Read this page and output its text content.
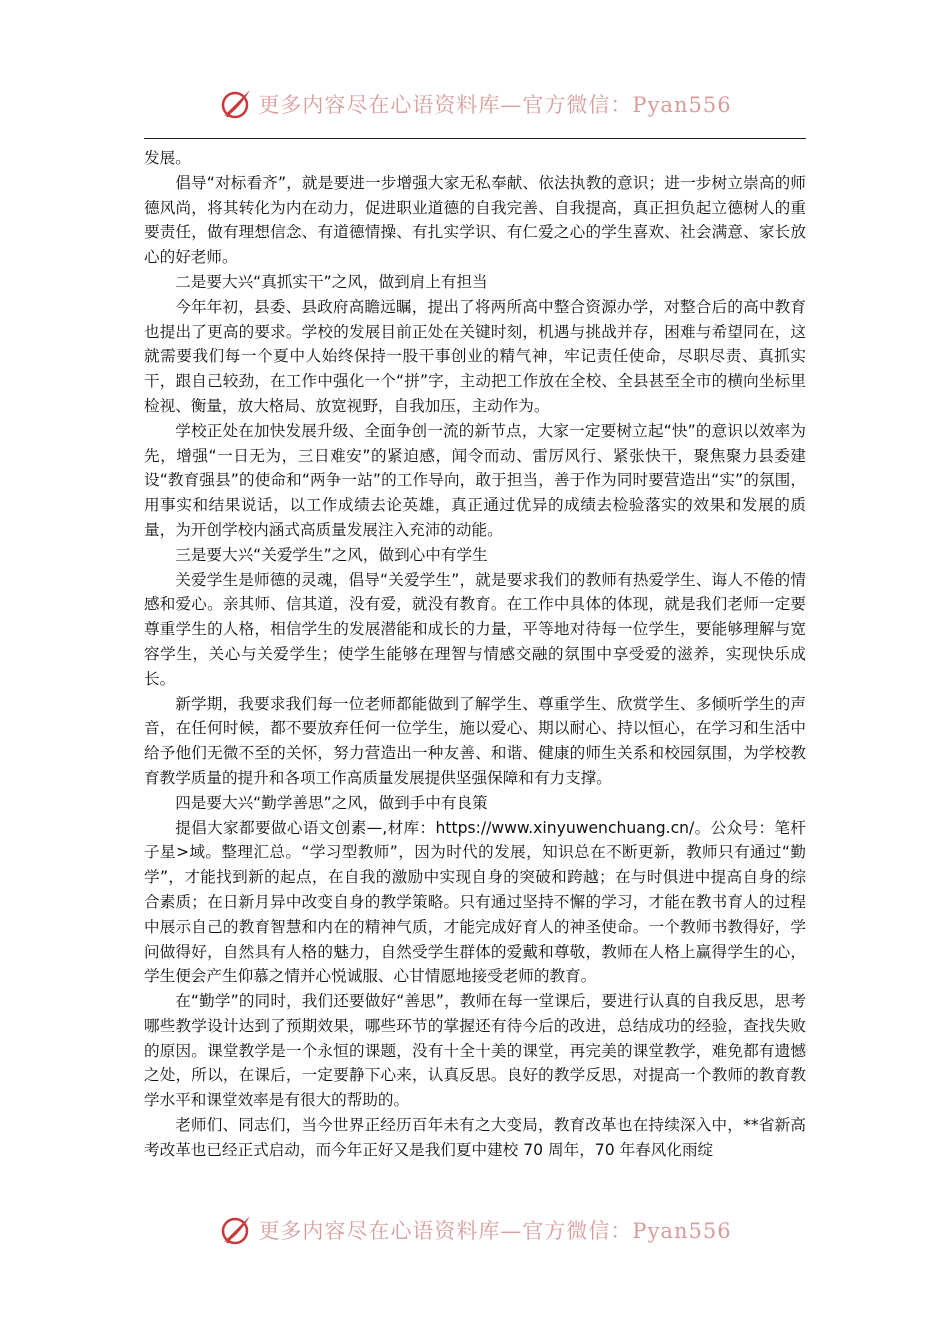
更多内容尽在心语资料库—官方微信：Pyan556

发展。

倡导“对标看齐”，就是要进一步增强大家无私奉献、依法执教的意识；进一步树立崇高的师德风尚，将其转化为内在动力，促进职业道德的自我完善、自我提高，真正担负起立德树人的重要责任，做有理想信念、有道德情操、有扎实学识、有仁爱之心的学生喜欢、社会满意、家长放心的好老师。

二是要大兴“真抓实干”之风，做到肩上有担当

今年年初，县委、县政府高瞻远瞩，提出了将两所高中整合资源办学，对整合后的高中教育也提出了更高的要求。学校的发展目前正处在关键时刻，机遇与挑战并存，困难与希望同在，这就需要我们每一个夏中人始终保持一股干事创业的精气神，牢记责任使命，尽职尽责、真抓实干，跟自己较劲，在工作中强化一个“拼”字，主动把工作放在全校、全县甚至全市的横向坐标里检视、衡量，放大格局、放宽视野，自我加压，主动作为。

学校正处在加快发展升级、全面争创一流的新节点，大家一定要树立起“快”的意识以效率为先，增强“一日无为，三日难安”的紧迫感，闻令而动、雷厉风行、紧张快干，聚焦聚力县委建设“教育强县”的使命和“两争一站”的工作导向，敢于担当，善于作为同时要营造出“实”的氛围，用事实和结果说话，以工作成绩去论英雄，真正通过优异的成绩去检验落实的效果和发展的质量，为开创学校内涵式高质量发展注入充沛的动能。

三是要大兴“关爱学生”之风，做到心中有学生

关爱学生是师德的灵魂，倡导“关爱学生”，就是要求我们的教师有热爱学生、诲人不倦的情感和爱心。亲其师、信其道，没有爱，就没有教育。在工作中具体的体现，就是我们老师一定要尊重学生的人格，相信学生的发展潜能和成长的力量，平等地对待每一位学生，要能够理解与宽容学生，关心与关爱学生；使学生能够在理智与情感交融的氛围中享受爱的滋养，实现快乐成长。

新学期，我要求我们每一位老师都能做到了解学生、尊重学生、欣赏学生、多倾听学生的声音，在任何时候，都不要放弃任何一位学生，施以爱心、期以耐心、持以恒心，在学习和生活中给予他们无微不至的关怀，努力营造出一种友善、和谐、健康的师生关系和校园氛围，为学校教育教学质量的提升和各项工作高质量发展提供坚强保障和有力支撑。

四是要大兴“勤学善思”之风，做到手中有良策

提倡大家都要做心语文创素—,材库：https://www.xinyuwenchuang.cn/。公众号：笔杆子星>域。整理汇总。“学习型教师”，因为时代的发展，知识总在不断更新，教师只有通过“勤学”，才能找到新的起点，在自我的激励中实现自身的突破和跨越；在与时俱进中提高自身的综合素质；在日新月异中改变自身的教学策略。只有通过坚持不懈的学习，才能在教书育人的过程中展示自己的教育智慧和内在的精神气质，才能完成好育人的神圣使命。一个教师书教得好，学问做得好，自然具有人格的魅力，自然受学生群体的爱戴和尊敬，教师在人格上赢得学生的心，学生便会产生仰慕之情并心悦诚服、心甘情愿地接受老师的教育。

在“勤学”的同时，我们还要做好“善思”，教师在每一堂课后，要进行认真的自我反思，思考哪些教学设计达到了预期效果，哪些环节的掌握还有待今后的改进，总结成功的经验，查找失败的原因。课堂教学是一个永恒的课题，没有十全十美的课堂，再完美的课堂教学，难免都有遗憾之处，所以，在课后，一定要静下心来，认真反思。良好的教学反思，对提高一个教师的教育教学水平和课堂效率是有很大的帮助的。

老师们、同志们，当今世界正经历百年未有之大变局，教育改革也在持续深入中，**省新高考改革也已经正式启动，而今年正好又是我们夏中建校 70 周年，70 年春风化雨绽

更多内容尽在心语资料库—官方微信：Pyan556
